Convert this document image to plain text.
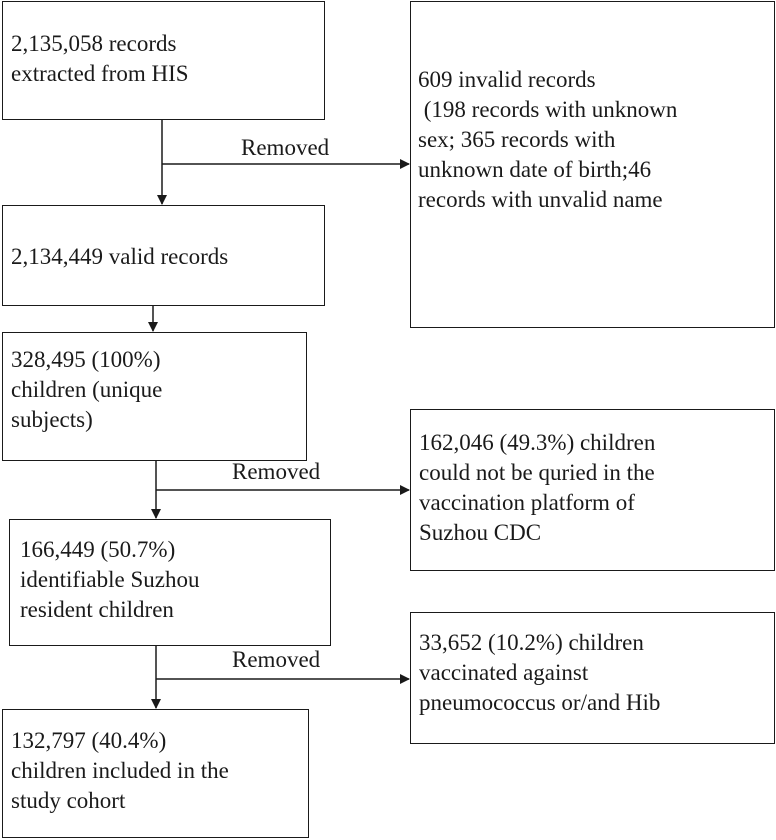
2,135,058 records
extracted from HIS	609 invalid records
(198 records with unknown
sex; 365 records with
unknown date of birth;46
records with unvalid name
2,134,449 valid records
328,495 (100%)
children (unique
subjects)
162,046 (49.3%) children
could not be quried in the
vaccination platform of
Suzhou CDC
166,449 (50.7%)
identifiable Suzhou
resident children
33,652 (10.2%) children
vaccinated against
pneumococcus or/and Hib
132,797 (40.4%)
children included in the
study cohort
Removed
Removed
Removed
